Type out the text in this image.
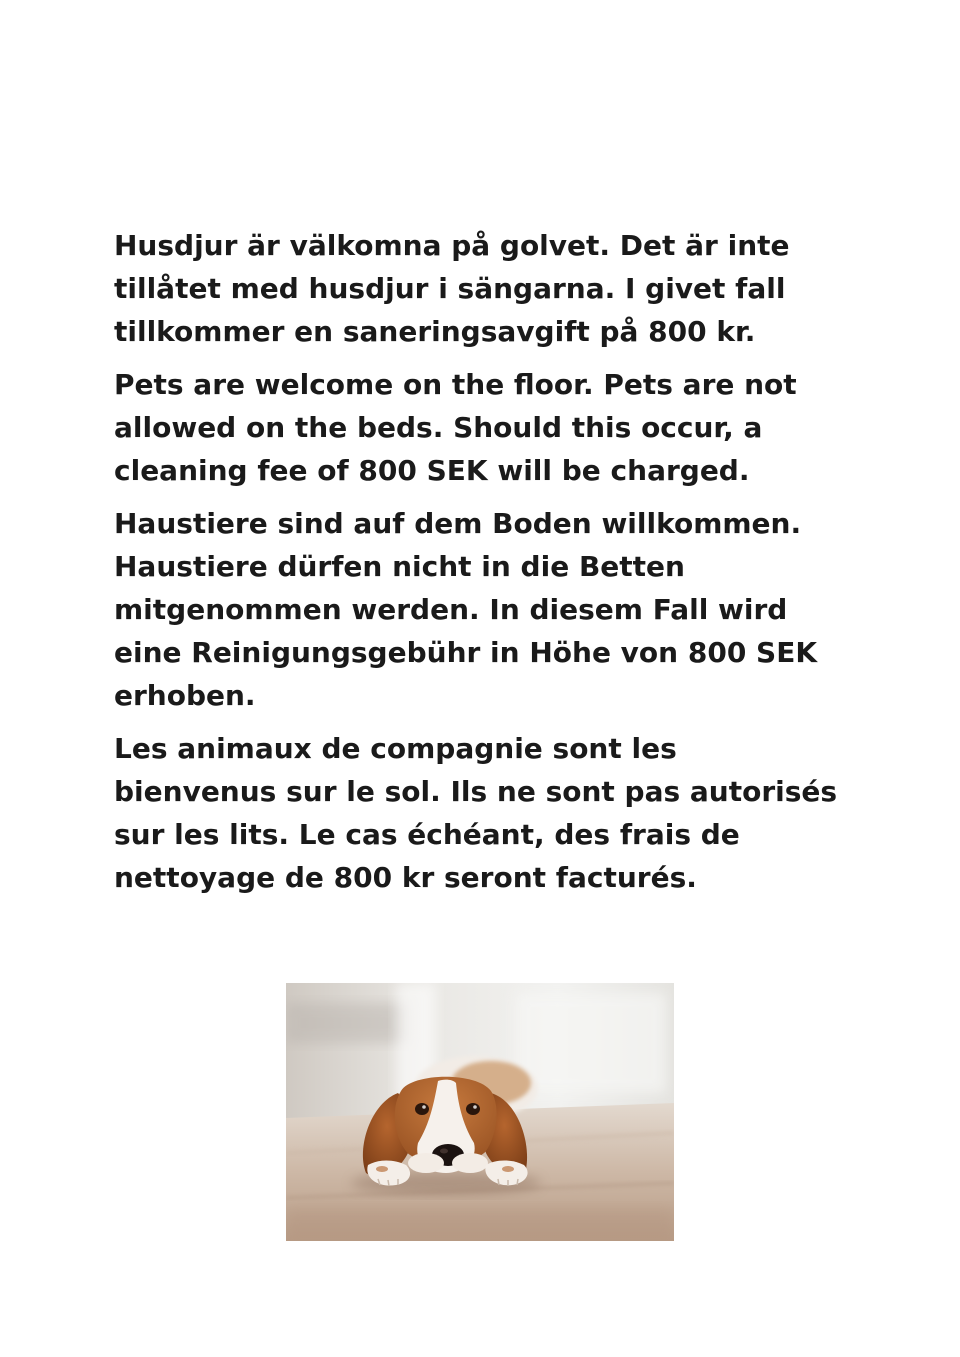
Husdjur är välkomna på golvet. Det är inte
tillåtet med husdjur i sängarna. I givet fall
tillkommer en saneringsavgift på 800 kr.

Pets are welcome on the floor. Pets are not
allowed on the beds. Should this occur, a
cleaning fee of 800 SEK will be charged.

Haustiere sind auf dem Boden willkommen.
Haustiere dürfen nicht in die Betten
mitgenommen werden. In diesem Fall wird
eine Reinigungsgebühr in Höhe von 800 SEK
erhoben.

Les animaux de compagnie sont les
bienvenus sur le sol. Ils ne sont pas autorisés
sur les lits. Le cas échéant, des frais de
nettoyage de 800 kr seront facturés.
